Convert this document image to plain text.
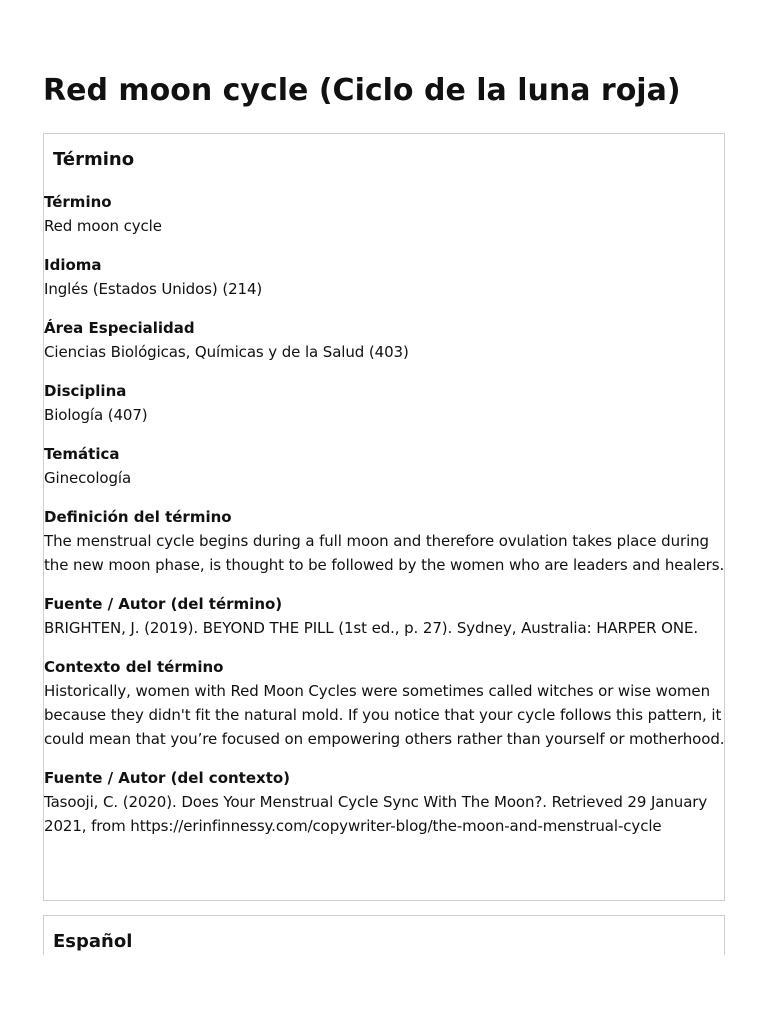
Red moon cycle (Ciclo de la luna roja)
Término
Término
Red moon cycle
Idioma
Inglés (Estados Unidos) (214)
Área Especialidad
Ciencias Biológicas, Químicas y de la Salud (403)
Disciplina
Biología (407)
Temática
Ginecología
Definición del término
The menstrual cycle begins during a full moon and therefore ovulation takes place during the new moon phase, is thought to be followed by the women who are leaders and healers.
Fuente / Autor (del término)
BRIGHTEN, J. (2019). BEYOND THE PILL (1st ed., p. 27). Sydney, Australia: HARPER ONE.
Contexto del término
Historically, women with Red Moon Cycles were sometimes called witches or wise women because they didn't fit the natural mold. If you notice that your cycle follows this pattern, it could mean that you’re focused on empowering others rather than yourself or motherhood.
Fuente / Autor (del contexto)
Tasooji, C. (2020). Does Your Menstrual Cycle Sync With The Moon?. Retrieved 29 January 2021, from https://erinfinnessy.com/copywriter-blog/the-moon-and-menstrual-cycle
Español
